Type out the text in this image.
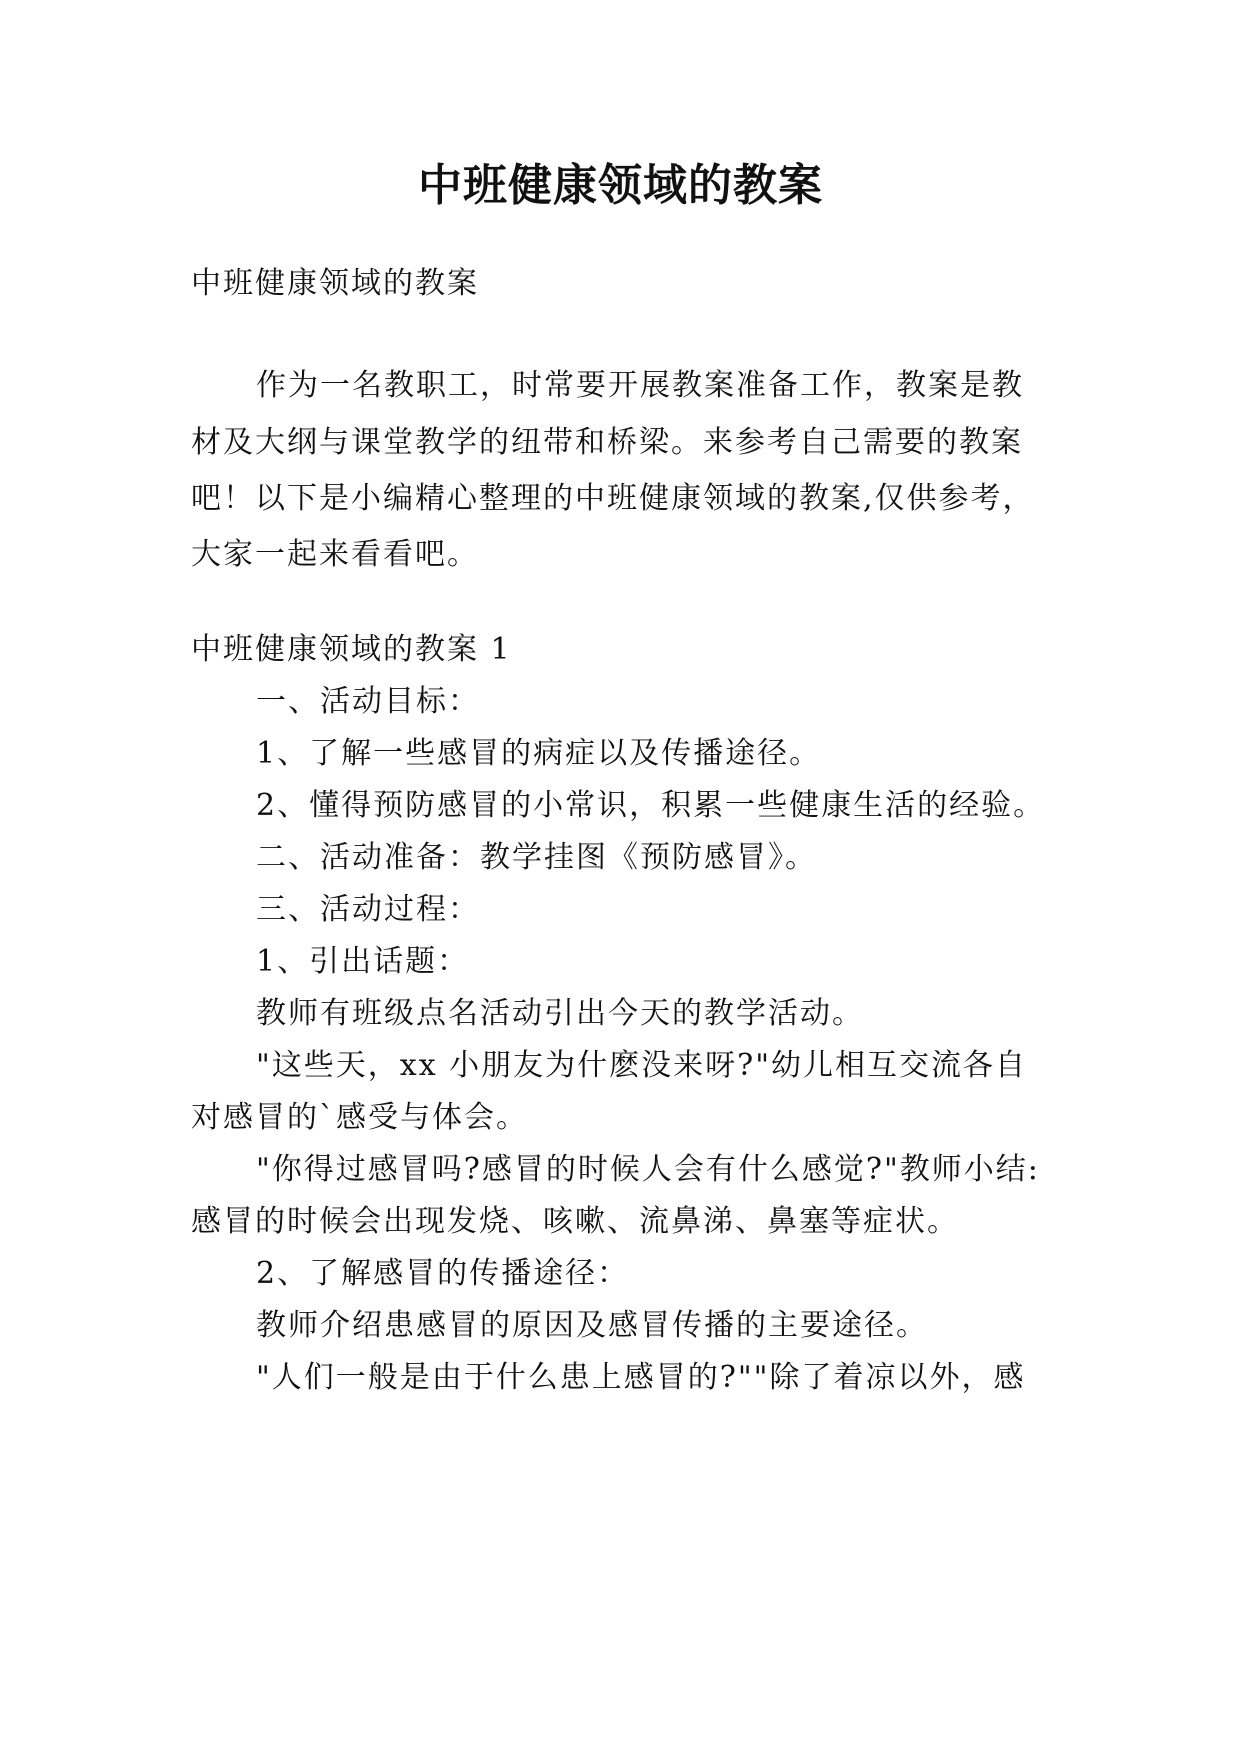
中班健康领域的教案
中班健康领域的教案
作为一名教职工，时常要开展教案准备工作，教案是教
材及大纲与课堂教学的纽带和桥梁。来参考自己需要的教案
吧！以下是小编精心整理的中班健康领域的教案,仅供参考，
大家一起来看看吧。
中班健康领域的教案 1
一、活动目标：
1、了解一些感冒的病症以及传播途径。
2、懂得预防感冒的小常识，积累一些健康生活的经验。
二、活动准备：教学挂图《预防感冒》。
三、活动过程：
1、引出话题：
教师有班级点名活动引出今天的教学活动。
"这些天，xx 小朋友为什麽没来呀?"幼儿相互交流各自
对感冒的`感受与体会。
"你得过感冒吗?感冒的时候人会有什么感觉?"教师小结:
感冒的时候会出现发烧、咳嗽、流鼻涕、鼻塞等症状。
2、了解感冒的传播途径：
教师介绍患感冒的原因及感冒传播的主要途径。
"人们一般是由于什么患上感冒的?""除了着凉以外，感
